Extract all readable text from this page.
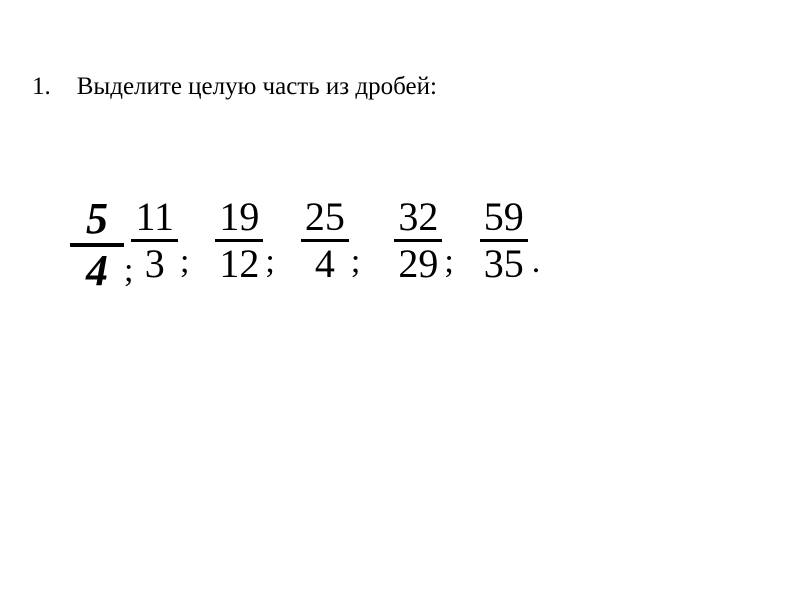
1. Выделите целую часть из дробей:
$\frac{5}{4}$ ;
$\frac{11}{3}$ ; $\frac{19}{12}$ ; $\frac{25}{4}$ ; $\frac{32}{29}$ ; $\frac{59}{35}$ .
